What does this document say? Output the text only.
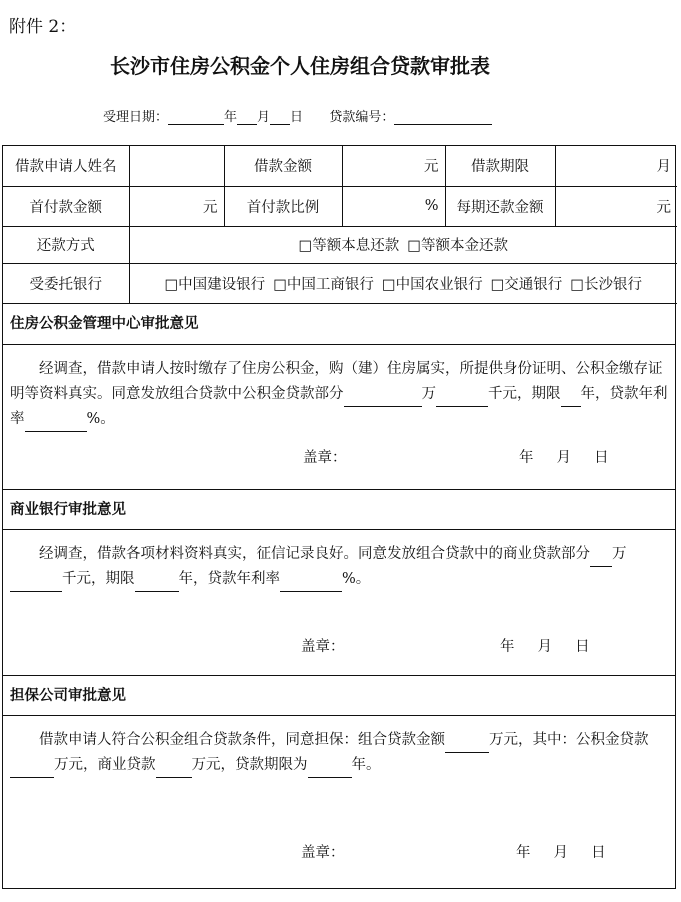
附件 2：
长沙市住房公积金个人住房组合贷款审批表
受理日期：	年 月 日 贷款编号：
借款申请人姓名		借款金额	元	借款期限	月
首付款金额	元	首付款比例	%	每期还款金额	元
还款方式	□等额本息还款 □等额本金还款				
受委托银行	□中国建设银行 □中国工商银行 □中国农业银行 □交通银行 □长沙银行				
住房公积金管理中心审批意见

经调查，借款申请人按时缴存了住房公积金，购（建）住房属实，所提供身份证明、公积金缴存证明等资料真实。同意发放组合贷款中公积金贷款部分	万	千元，期限 年，贷款年利率	%。

盖章：	年 月 日
商业银行审批意见

经调查，借款各项材料资料真实，征信记录良好。同意发放组合贷款中的商业贷款部分 万千元，期限	年，贷款年利率	%。

盖章：	年 月 日
担保公司审批意见

借款申请人符合公积金组合贷款条件，同意担保：组合贷款金额	万元，其中：公积金贷款万元，商业贷款 万元，贷款期限为	年。

盖章：	年 月 日
